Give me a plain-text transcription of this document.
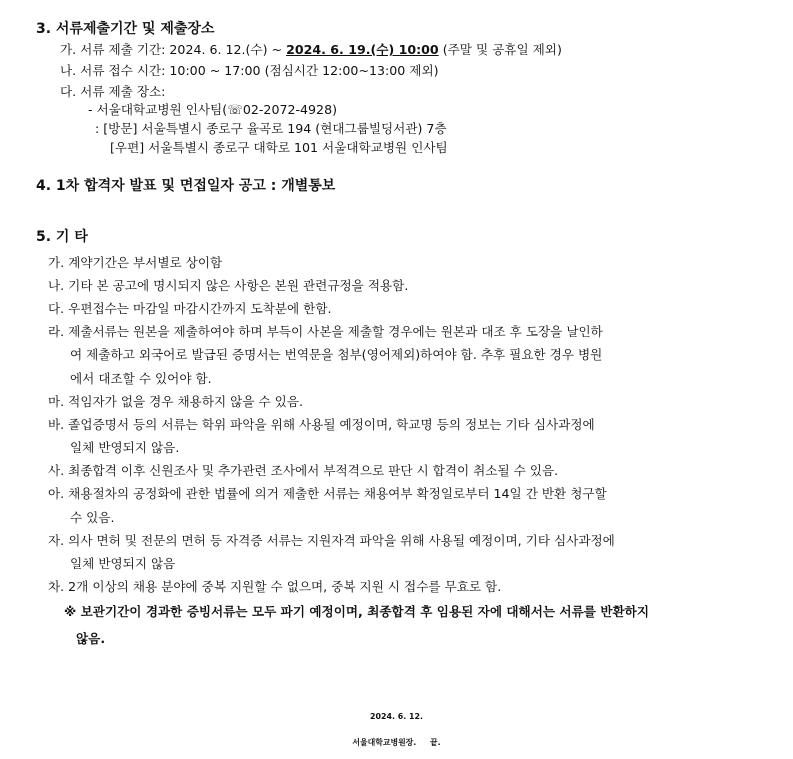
3. 서류제출기간 및 제출장소
가. 서류 제출 기간: 2024. 6. 12.(수) ~ 2024. 6. 19.(수) 10:00 (주말 및 공휴일 제외)
나. 서류 접수 시간: 10:00 ~ 17:00 (점심시간 12:00~13:00 제외)
다. 서류 제출 장소:
- 서울대학교병원 인사팀(☏02-2072-4928)
: [방문] 서울특별시 종로구 율곡로 194 (현대그룹빌딩서관) 7층
[우편] 서울특별시 종로구 대학로 101 서울대학교병원 인사팀
4. 1차 합격자 발표 및 면접일자 공고 : 개별통보
5. 기 타
가. 계약기간은 부서별로 상이함
나. 기타 본 공고에 명시되지 않은 사항은 본원 관련규정을 적용함.
다. 우편접수는 마감일 마감시간까지 도착분에 한함.
라. 제출서류는 원본을 제출하여야 하며 부득이 사본을 제출할 경우에는 원본과 대조 후 도장을 날인하
여 제출하고 외국어로 발급된 증명서는 번역문을 첨부(영어제외)하여야 함. 추후 필요한 경우 병원
에서 대조할 수 있어야 함.
마. 적임자가 없을 경우 채용하지 않을 수 있음.
바. 졸업증명서 등의 서류는 학위 파악을 위해 사용될 예정이며, 학교명 등의 정보는 기타 심사과정에
일체 반영되지 않음.
사. 최종합격 이후 신원조사 및 추가관련 조사에서 부적격으로 판단 시 합격이 취소될 수 있음.
아. 채용절차의 공정화에 관한 법률에 의거 제출한 서류는 채용여부 확정일로부터 14일 간 반환 청구할
수 있음.
자. 의사 면허 및 전문의 면허 등 자격증 서류는 지원자격 파악을 위해 사용될 예정이며, 기타 심사과정에
일체 반영되지 않음
차. 2개 이상의 채용 분야에 중복 지원할 수 없으며, 중복 지원 시 접수를 무효로 함.
※ 보관기간이 경과한 증빙서류는 모두 파기 예정이며, 최종합격 후 임용된 자에 대해서는 서류를 반환하지
않음.
2024. 6. 12.
서울대학교병원장.     끝.
